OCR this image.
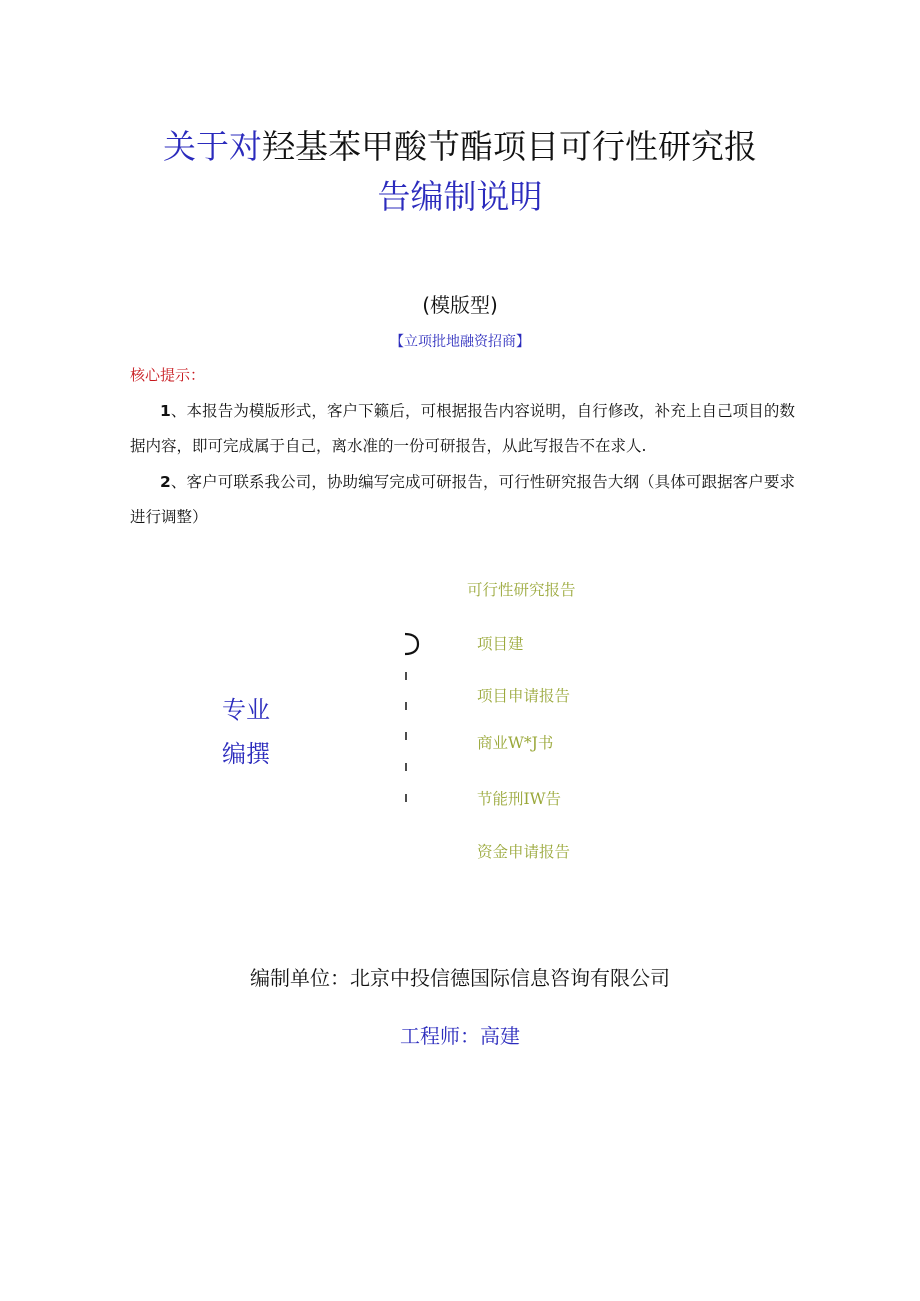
关于对羟基苯甲酸节酯项目可行性研究报
告编制说明
(模版型)
【立项批地融资招商】
核心提示：
1、本报告为模版形式，客户下籁后，可根据报告内容说明，自行修改，补充上自己项目的数据内容，即可完成属于自己，离水准的一份可研报告，从此写报告不在求人.
2、客户可联系我公司，协助编写完成可研报告，可行性研究报告大纲（具体可跟据客户要求进行调整）
专业
编撰
可行性研究报告
项目建
项目申请报告
商业W*J书
节能刑IW告
资金申请报告
编制单位：北京中投信德国际信息咨询有限公司
工程师：高建
